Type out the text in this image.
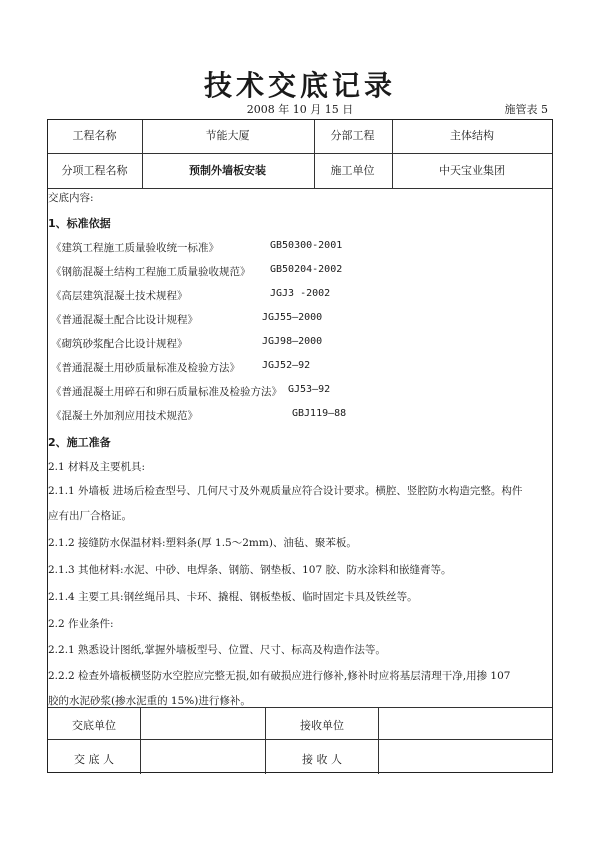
技术交底记录
2008 年 10 月 15 日	施管表 5
工程名称	节能大厦	分部工程	主体结构
分项工程名称	预制外墙板安装	施工单位	中天宝业集团
交底内容:
1、标准依据
《建筑工程施工质量验收统一标准》	GB50300-2001
《钢筋混凝土结构工程施工质量验收规范》 GB50204-2002
《高层建筑混凝土技术规程》	JGJ3 -2002
《普通混凝土配合比设计规程》	JGJ55—2000
《砌筑砂浆配合比设计规程》	JGJ98—2000
《普通混凝土用砂质量标准及检验方法》 JGJ52—92
《普通混凝土用碎石和卵石质量标准及检验方法》 GJ53—92
《混凝土外加剂应用技术规范》	GBJ119—88
2、施工准备
2.1 材料及主要机具:
2.1.1 外墙板 进场后检查型号、几何尺寸及外观质量应符合设计要求。横腔、竖腔防水构造完整。构件
应有出厂合格证。
2.1.2 接缝防水保温材料:塑料条(厚 1.5～2mm)、油毡、聚苯板。
2.1.3 其他材料:水泥、中砂、电焊条、钢筋、钢垫板、107 胶、防水涂料和嵌缝膏等。
2.1.4 主要工具:钢丝绳吊具、卡环、撬棍、钢板垫板、临时固定卡具及铁丝等。
2.2 作业条件:
2.2.1 熟悉设计图纸,掌握外墙板型号、位置、尺寸、标高及构造作法等。
2.2.2 检查外墙板横竖防水空腔应完整无损,如有破损应进行修补,修补时应将基层清理干净,用掺 107
胶的水泥砂浆(掺水泥重的 15%)进行修补。
交底单位	接收单位
交 底 人	接 收 人
